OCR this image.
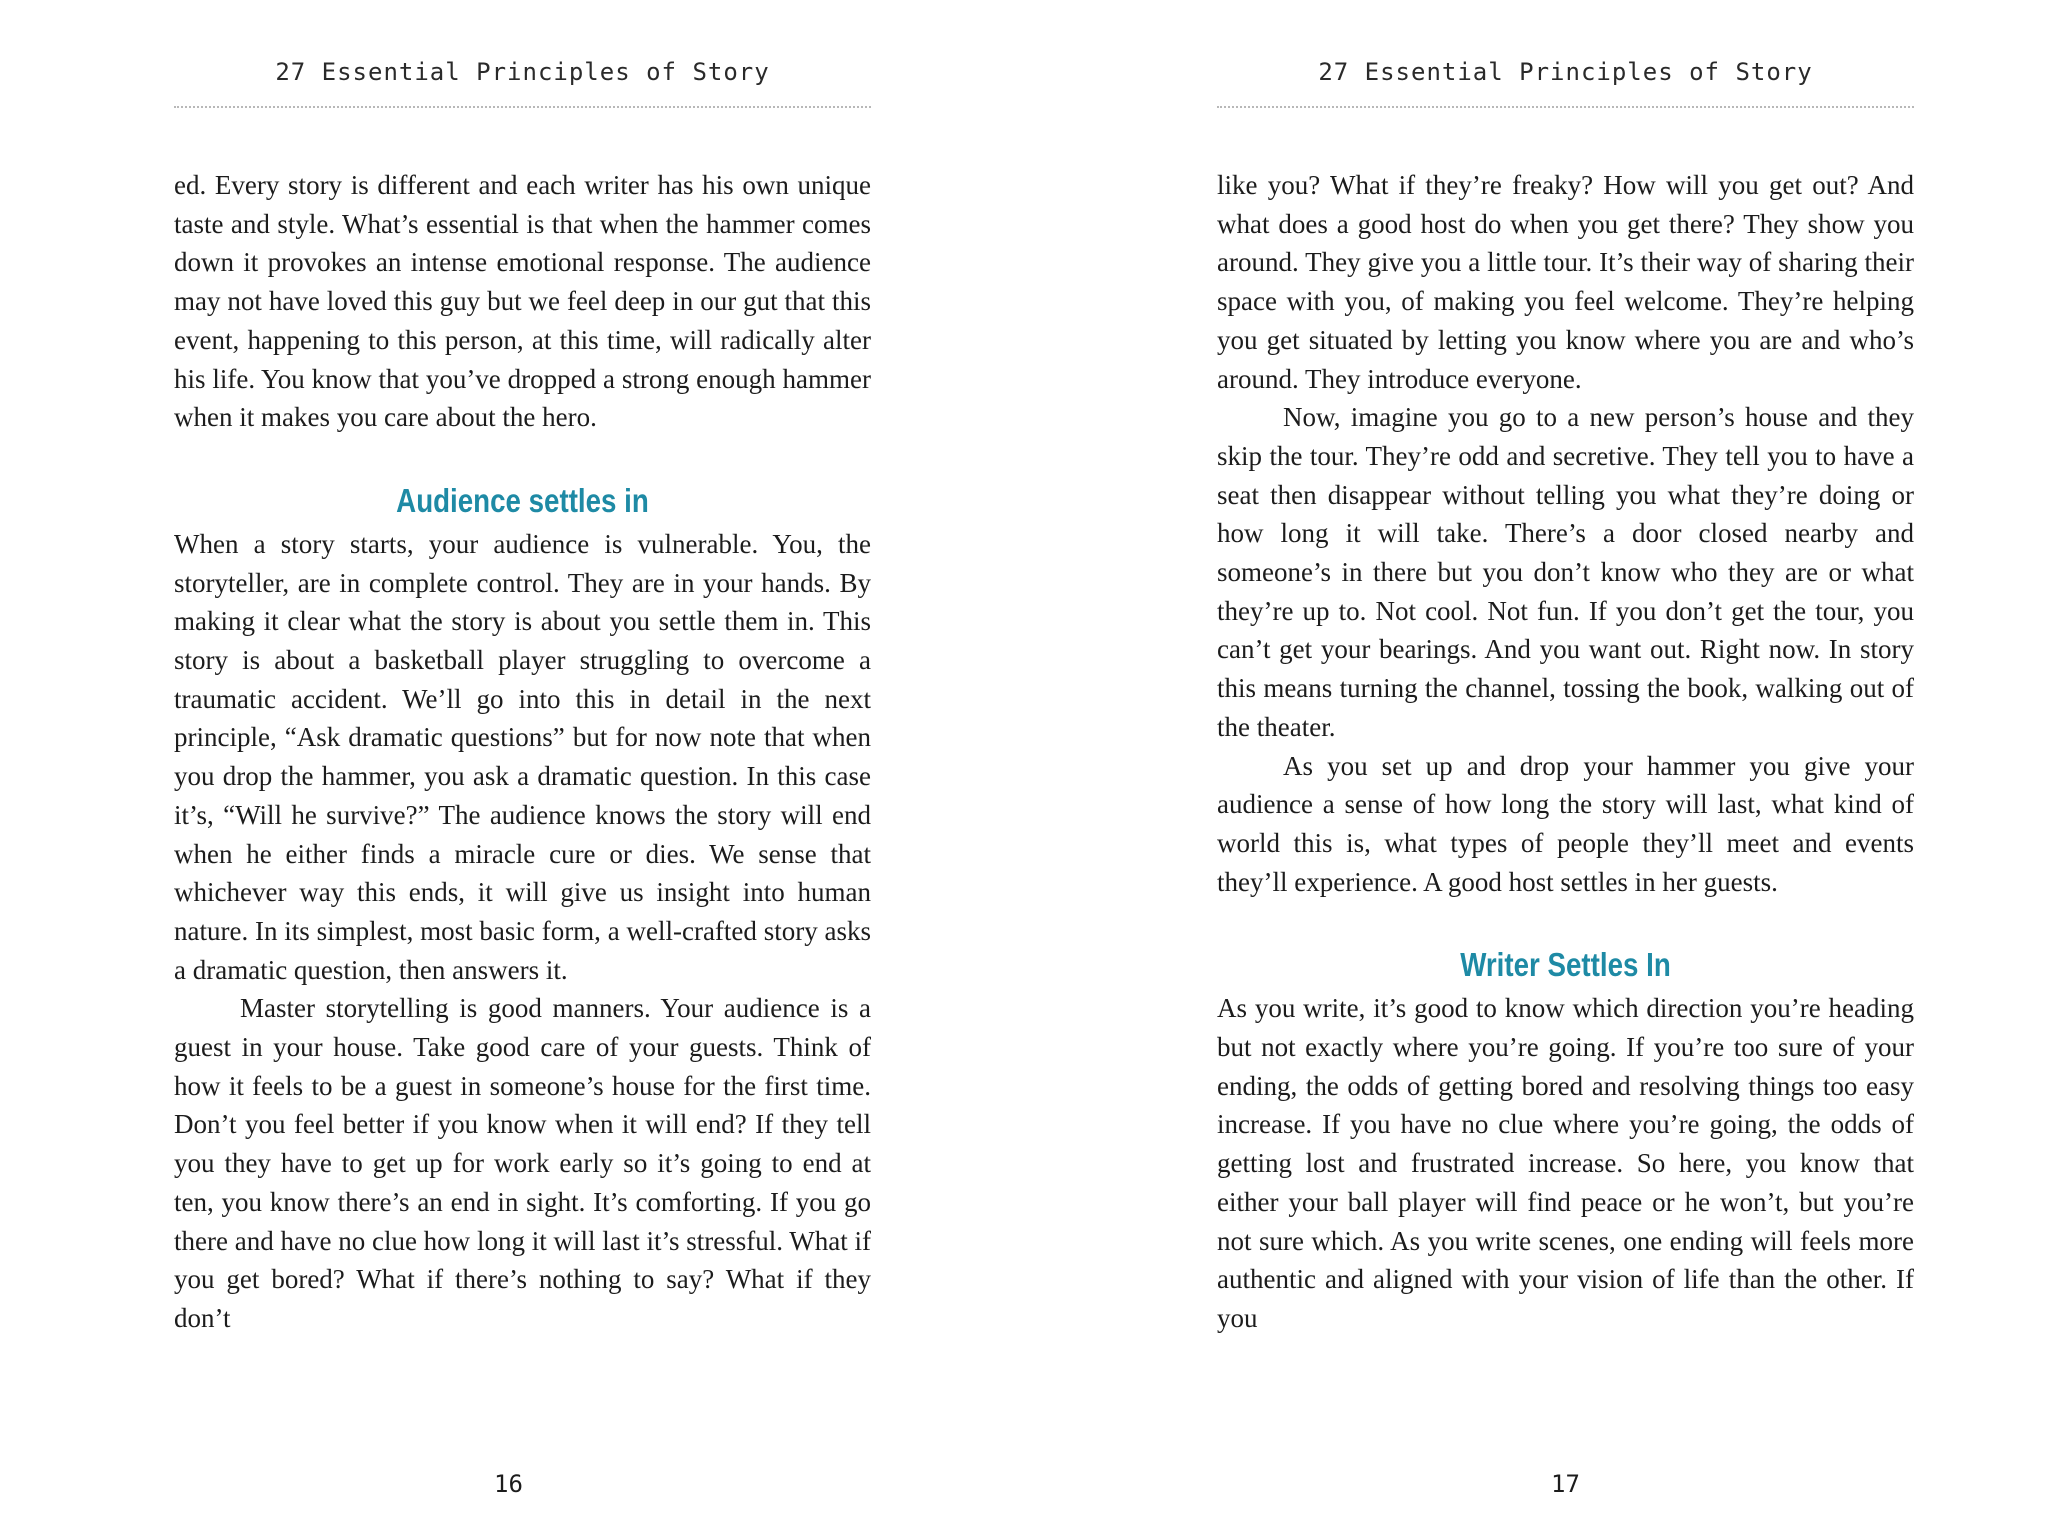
27 Essential Principles of Story

ed. Every story is different and each writer has his own unique taste and style. What’s essential is that when the hammer comes down it provokes an intense emotional response. The audience may not have loved this guy but we feel deep in our gut that this event, happening to this person, at this time, will radically alter his life. You know that you’ve dropped a strong enough hammer when it makes you care about the hero.

Audience settles in

When a story starts, your audience is vulnerable. You, the storyteller, are in complete control. They are in your hands. By making it clear what the story is about you settle them in. This story is about a basketball player struggling to overcome a traumatic accident. We’ll go into this in detail in the next principle, “Ask dramatic questions” but for now note that when you drop the hammer, you ask a dramatic question. In this case it’s, “Will he survive?” The audience knows the story will end when he either finds a miracle cure or dies. We sense that whichever way this ends, it will give us insight into human nature. In its simplest, most basic form, a well-crafted story asks a dramatic question, then answers it.

Master storytelling is good manners. Your audience is a guest in your house. Take good care of your guests. Think of how it feels to be a guest in someone’s house for the first time. Don’t you feel better if you know when it will end? If they tell you they have to get up for work early so it’s going to end at ten, you know there’s an end in sight. It’s comforting. If you go there and have no clue how long it will last it’s stressful. What if you get bored? What if there’s nothing to say? What if they don’t

16
27 Essential Principles of Story

like you? What if they’re freaky? How will you get out? And what does a good host do when you get there? They show you around. They give you a little tour. It’s their way of sharing their space with you, of making you feel welcome. They’re helping you get situated by letting you know where you are and who’s around. They introduce everyone.

Now, imagine you go to a new person’s house and they skip the tour. They’re odd and secretive. They tell you to have a seat then disappear without telling you what they’re doing or how long it will take. There’s a door closed nearby and someone’s in there but you don’t know who they are or what they’re up to. Not cool. Not fun. If you don’t get the tour, you can’t get your bearings. And you want out. Right now. In story this means turning the channel, tossing the book, walking out of the theater.

As you set up and drop your hammer you give your audience a sense of how long the story will last, what kind of world this is, what types of people they’ll meet and events they’ll experience. A good host settles in her guests.

Writer Settles In

As you write, it’s good to know which direction you’re heading but not exactly where you’re going. If you’re too sure of your ending, the odds of getting bored and resolving things too easy increase. If you have no clue where you’re going, the odds of getting lost and frustrated increase. So here, you know that either your ball player will find peace or he won’t, but you’re not sure which. As you write scenes, one ending will feels more authentic and aligned with your vision of life than the other. If you

17
